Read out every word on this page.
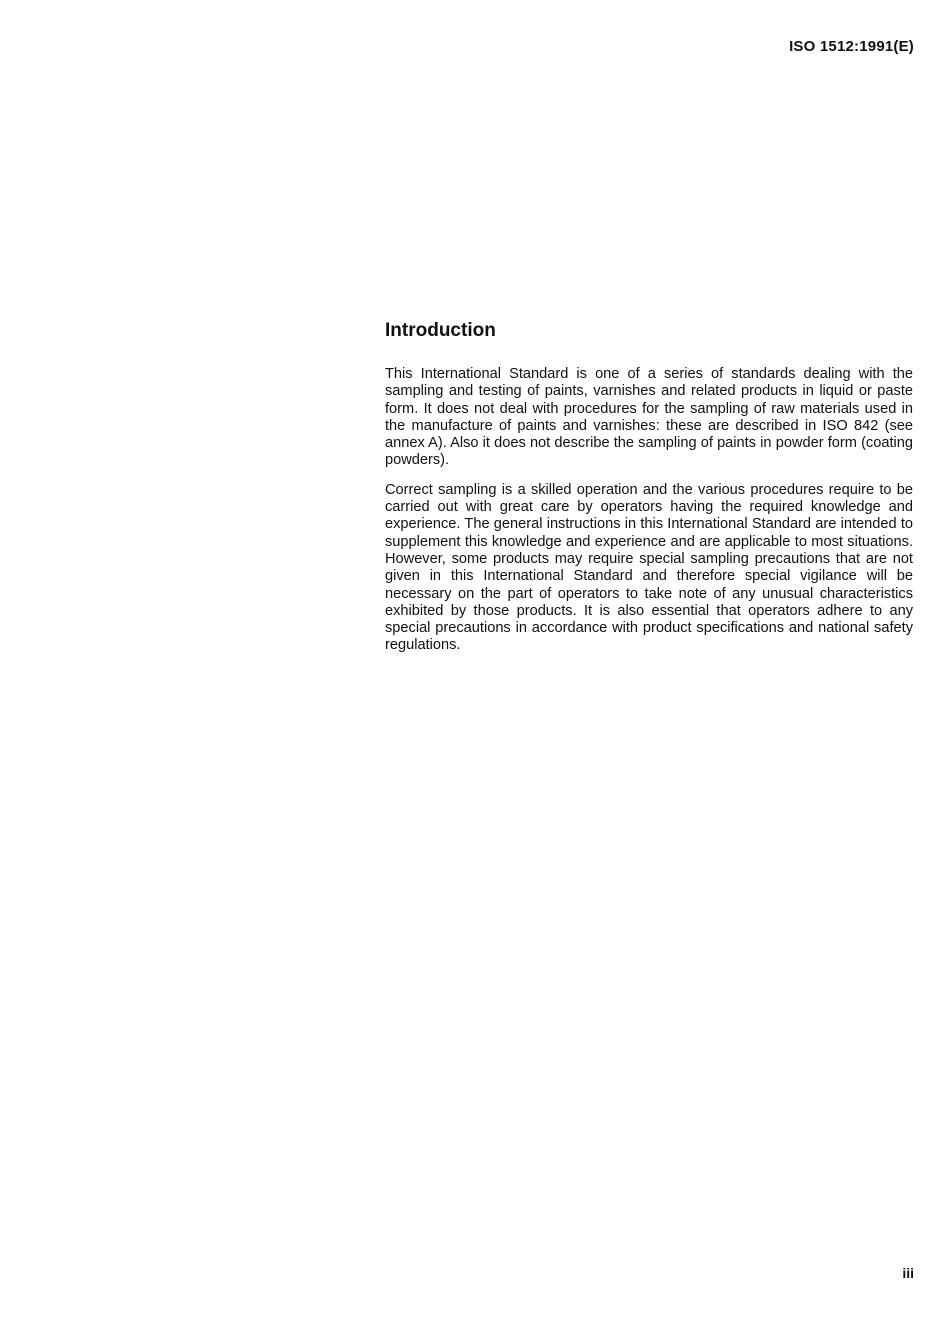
ISO 1512:1991(E)
Introduction

This International Standard is one of a series of standards dealing with the sampling and testing of paints, varnishes and related products in liquid or paste form. It does not deal with procedures for the sampling of raw materials used in the manufacture of paints and varnishes: these are described in ISO 842 (see annex A). Also it does not describe the sampling of paints in powder form (coating powders).

Correct sampling is a skilled operation and the various procedures require to be carried out with great care by operators having the required knowledge and experience. The general instructions in this International Standard are intended to supplement this knowledge and experience and are applicable to most situations. However, some products may require special sampling precautions that are not given in this International Standard and therefore special vigilance will be necessary on the part of operators to take note of any unusual characteristics exhibited by those products. It is also essential that operators adhere to any special precautions in accordance with product specifications and national safety regulations.

iii
